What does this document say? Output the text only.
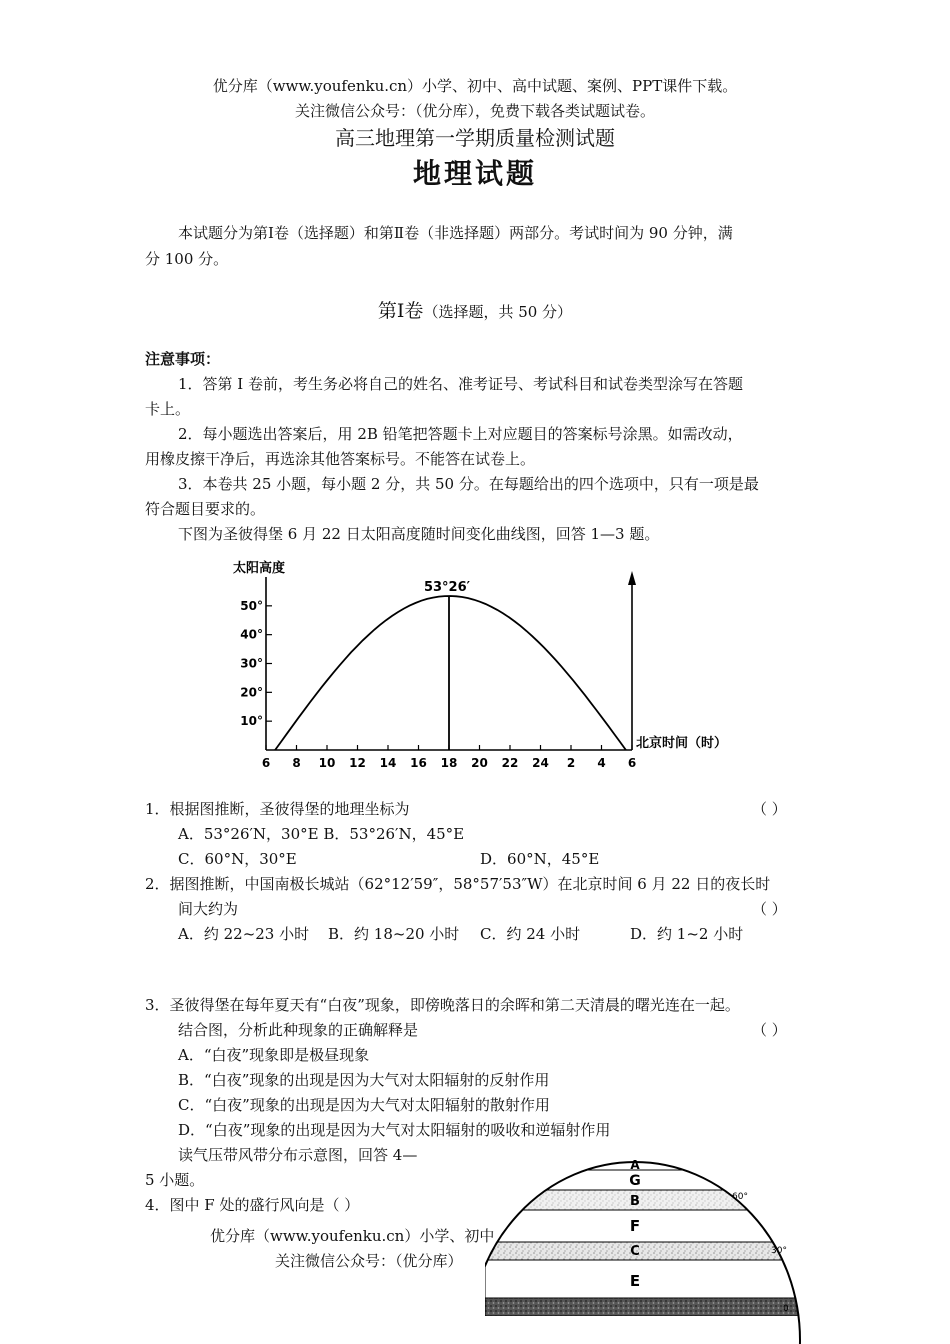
优分库（www.youfenku.cn）小学、初中、高中试题、案例、PPT课件下载。
关注微信公众号：（优分库），免费下载各类试题试卷。
高三地理第一学期质量检测试题
地理试题
本试题分为第Ⅰ卷（选择题）和第Ⅱ卷（非选择题）两部分。考试时间为 90 分钟，满
分 100 分。
第Ⅰ卷（选择题，共 50 分）
注意事项：
1．答第 I 卷前，考生务必将自己的姓名、准考证号、考试科目和试卷类型涂写在答题
卡上。
2．每小题选出答案后，用 2B 铅笔把答题卡上对应题目的答案标号涂黑。如需改动，
用橡皮擦干净后，再选涂其他答案标号。不能答在试卷上。
3．本卷共 25 小题，每小题 2 分，共 50 分。在每题给出的四个选项中，只有一项是最
符合题目要求的。
下图为圣彼得堡 6 月 22 日太阳高度随时间变化曲线图，回答 1—3 题。
太阳高度
10°
20°
30°
40°
50°
6 8 10 12 14 16 18 20 22 24 2 4 6
53°26′
北京时间（时）
1．根据图推断，圣彼得堡的地理坐标为	（ ）
A．53°26′N，30°E B．53°26′N，45°E
C．60°N，30°E	D．60°N，45°E
2．据图推断，中国南极长城站（62°12′59″，58°57′53″W）在北京时间 6 月 22 日的夜长时
间大约为	（ ）
A．约 22~23 小时 B．约 18~20 小时 C．约 24 小时	D．约 1~2 小时
3．圣彼得堡在每年夏天有“白夜”现象，即傍晚落日的余晖和第二天清晨的曙光连在一起。
结合图，分析此种现象的正确解释是	（ ）
A．“白夜”现象即是极昼现象
B．“白夜”现象的出现是因为大气对太阳辐射的反射作用
C．“白夜”现象的出现是因为大气对太阳辐射的散射作用
D．“白夜”现象的出现是因为大气对太阳辐射的吸收和逆辐射作用
读气压带风带分布示意图，回答 4—
5 小题。
4．图中 F 处的盛行风向是（ ）
优分库（www.youfenku.cn）小学、初中
关注微信公众号：（优分库）
A
G
B
F
C
E
60°
30°
0
